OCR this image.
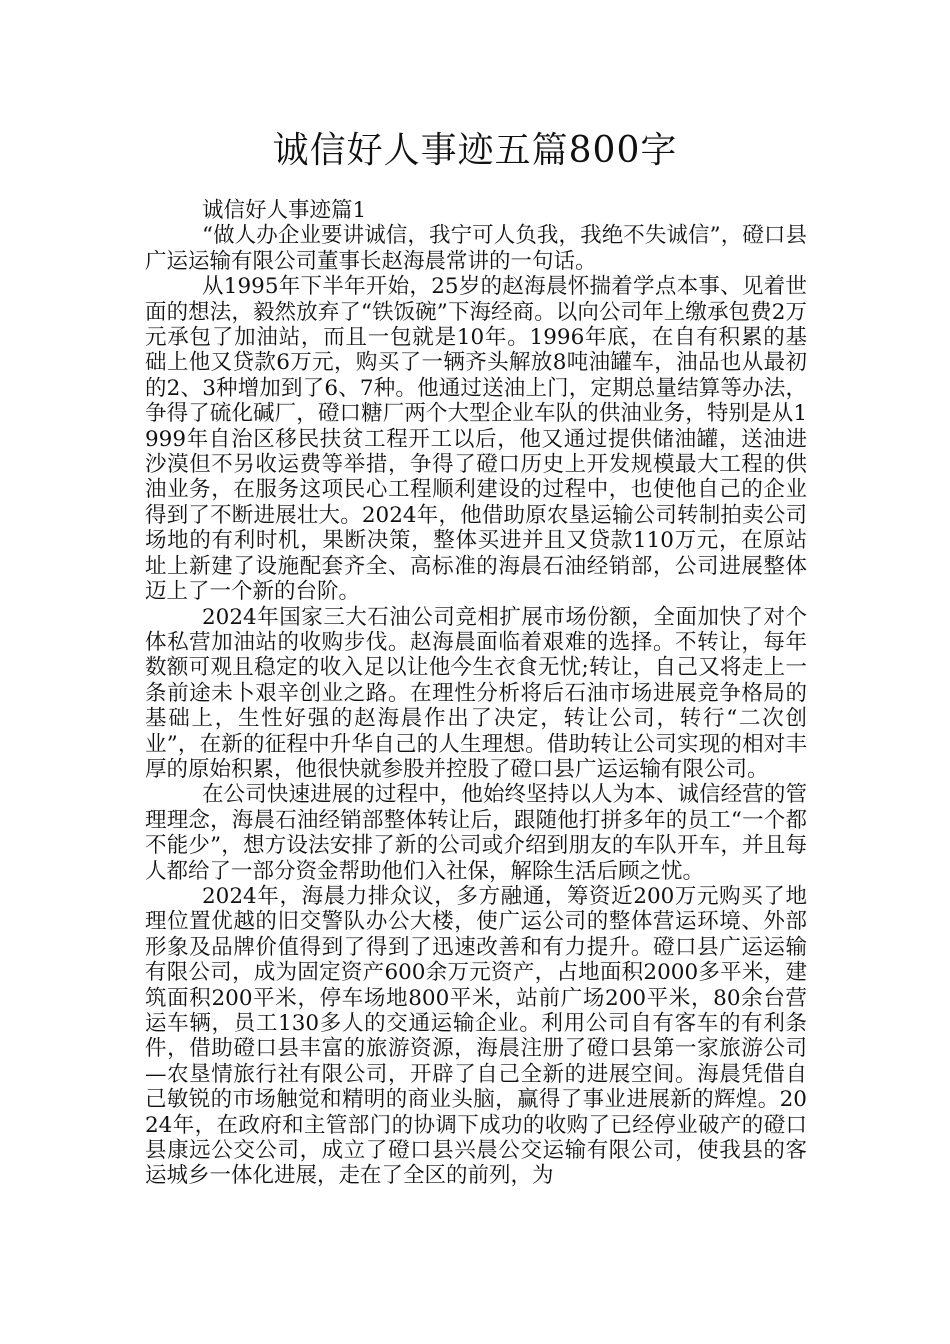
诚信好人事迹五篇800字

诚信好人事迹篇1

“做人办企业要讲诚信，我宁可人负我，我绝不失诚信”，磴口县广运运输有限公司董事长赵海晨常讲的一句话。

从1995年下半年开始，25岁的赵海晨怀揣着学点本事、见着世面的想法，毅然放弃了“铁饭碗”下海经商。以向公司年上缴承包费2万元承包了加油站，而且一包就是10年。1996年底，在自有积累的基础上他又贷款6万元，购买了一辆齐头解放8吨油罐车，油品也从最初的2、3种增加到了6、7种。他通过送油上门，定期总量结算等办法，争得了硫化碱厂，磴口糖厂两个大型企业车队的供油业务，特别是从1999年自治区移民扶贫工程开工以后，他又通过提供储油罐，送油进沙漠但不另收运费等举措，争得了磴口历史上开发规模最大工程的供油业务，在服务这项民心工程顺利建设的过程中，也使他自己的企业得到了不断进展壮大。2024年，他借助原农垦运输公司转制拍卖公司场地的有利时机，果断决策，整体买进并且又贷款110万元，在原站址上新建了设施配套齐全、高标准的海晨石油经销部，公司进展整体迈上了一个新的台阶。

2024年国家三大石油公司竞相扩展市场份额，全面加快了对个体私营加油站的收购步伐。赵海晨面临着艰难的选择。不转让，每年数额可观且稳定的收入足以让他今生衣食无忧;转让，自己又将走上一条前途未卜艰辛创业之路。在理性分析将后石油市场进展竞争格局的基础上，生性好强的赵海晨作出了决定，转让公司，转行“二次创业”，在新的征程中升华自己的人生理想。借助转让公司实现的相对丰厚的原始积累，他很快就参股并控股了磴口县广运运输有限公司。

在公司快速进展的过程中，他始终坚持以人为本、诚信经营的管理理念，海晨石油经销部整体转让后，跟随他打拼多年的员工“一个都不能少”，想方设法安排了新的公司或介绍到朋友的车队开车，并且每人都给了一部分资金帮助他们入社保，解除生活后顾之忧。

2024年，海晨力排众议，多方融通，筹资近200万元购买了地理位置优越的旧交警队办公大楼，使广运公司的整体营运环境、外部形象及品牌价值得到了得到了迅速改善和有力提升。磴口县广运运输有限公司，成为固定资产600余万元资产，占地面积2000多平米，建筑面积200平米，停车场地800平米，站前广场200平米，80余台营运车辆，员工130多人的交通运输企业。利用公司自有客车的有利条件，借助磴口县丰富的旅游资源，海晨注册了磴口县第一家旅游公司—农垦情旅行社有限公司，开辟了自己全新的进展空间。海晨凭借自己敏锐的市场触觉和精明的商业头脑，赢得了事业进展新的辉煌。2024年，在政府和主管部门的协调下成功的收购了已经停业破产的磴口县康远公交公司，成立了磴口县兴晨公交运输有限公司，使我县的客运城乡一体化进展，走在了全区的前列，为
